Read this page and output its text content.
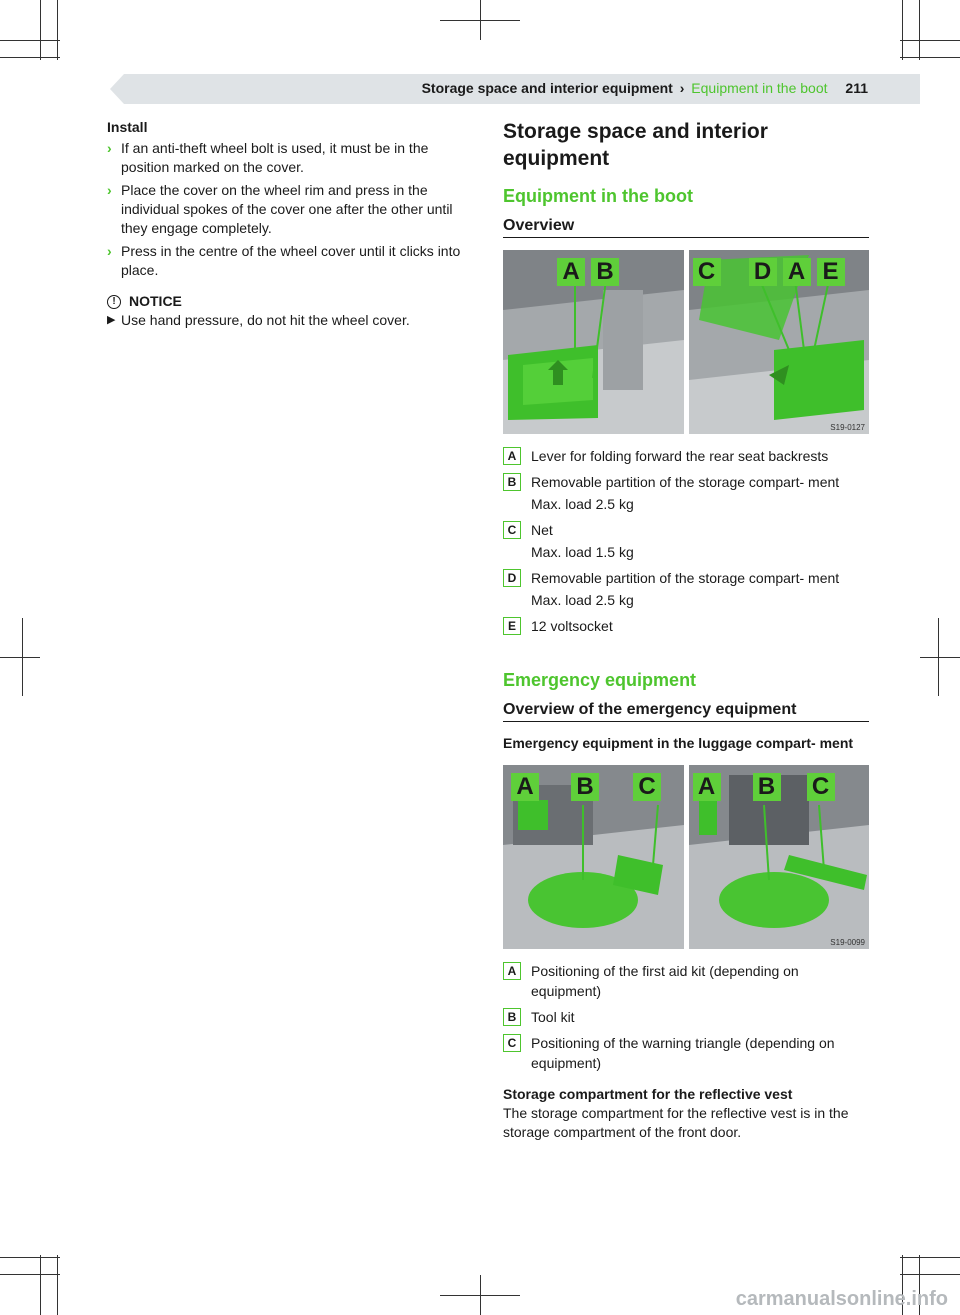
Storage space and interior equipment › Equipment in the boot 211
Install
› If an anti-theft wheel bolt is used, it must be in the position marked on the cover.
› Place the cover on the wheel rim and press in the individual spokes of the cover one after the other until they engage completely.
› Press in the centre of the wheel cover until it clicks into place.
! NOTICE
▶ Use hand pressure, do not hit the wheel cover.
Storage space and interior equipment
Equipment in the boot
Overview
A B	C D A E
S19-0127
A	Lever for folding forward the rear seat backrests
B	Removable partition of the storage compart- ment
Max. load 2.5 kg
C	Net
Max. load 1.5 kg
D	Removable partition of the storage compart- ment
Max. load 2.5 kg
E	12 voltsocket
Emergency equipment
Overview of the emergency equipment
Emergency equipment in the luggage compart- ment
A B C A B C
S19-0099
A	Positioning of the first aid kit (depending on equipment)
B	Tool kit
C	Positioning of the warning triangle (depending on equipment)
Storage compartment for the reflective vest
The storage compartment for the reflective vest is in the storage compartment of the front door.
carmanualsonline.info
